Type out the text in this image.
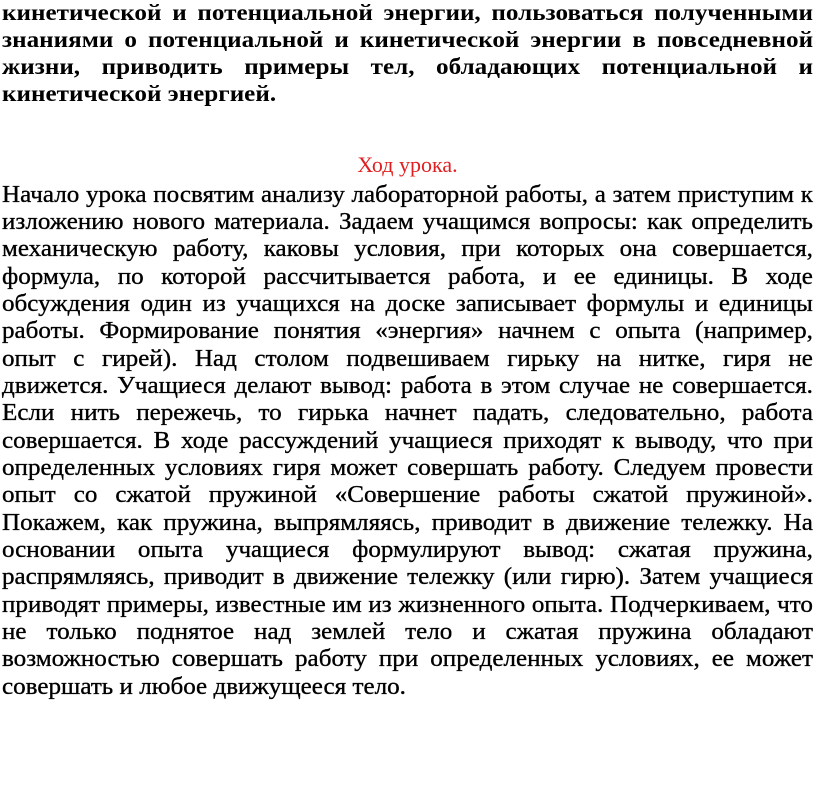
кинетической и потенциальной энергии, пользоваться полученными знаниями о потенциальной и кинетической энергии в повседневной жизни, приводить примеры тел, обладающих потенциальной и кинетической энергией.

Ход урока.

Начало урока посвятим анализу лабораторной работы, а затем приступим к изложению нового материала. Задаем учащимся вопросы: как определить механическую работу, каковы условия, при которых она совершается, формула, по которой рассчитывается работа, и ее единицы. В ходе обсуждения один из учащихся на доске записывает формулы и единицы работы. Формирование понятия «энергия» начнем с опыта (например, опыт с гирей). Над столом подвешиваем гирьку на нитке, гиря не движется. Учащиеся делают вывод: работа в этом случае не совершается. Если нить пережечь, то гирька начнет падать, следовательно, работа совершается. В ходе рассуждений учащиеся приходят к выводу, что при определенных условиях гиря может совершать работу. Следуем провести опыт со сжатой пружиной «Совершение работы сжатой пружиной». Покажем, как пружина, выпрямляясь, приводит в движение тележку. На основании опыта учащиеся формулируют вывод: сжатая пружина, распрямляясь, приводит в движение тележку (или гирю). Затем учащиеся приводят примеры, известные им из жизненного опыта. Подчеркиваем, что не только поднятое над землей тело и сжатая пружина обладают возможностью совершать работу при определенных условиях, ее может совершать и любое движущееся тело.
